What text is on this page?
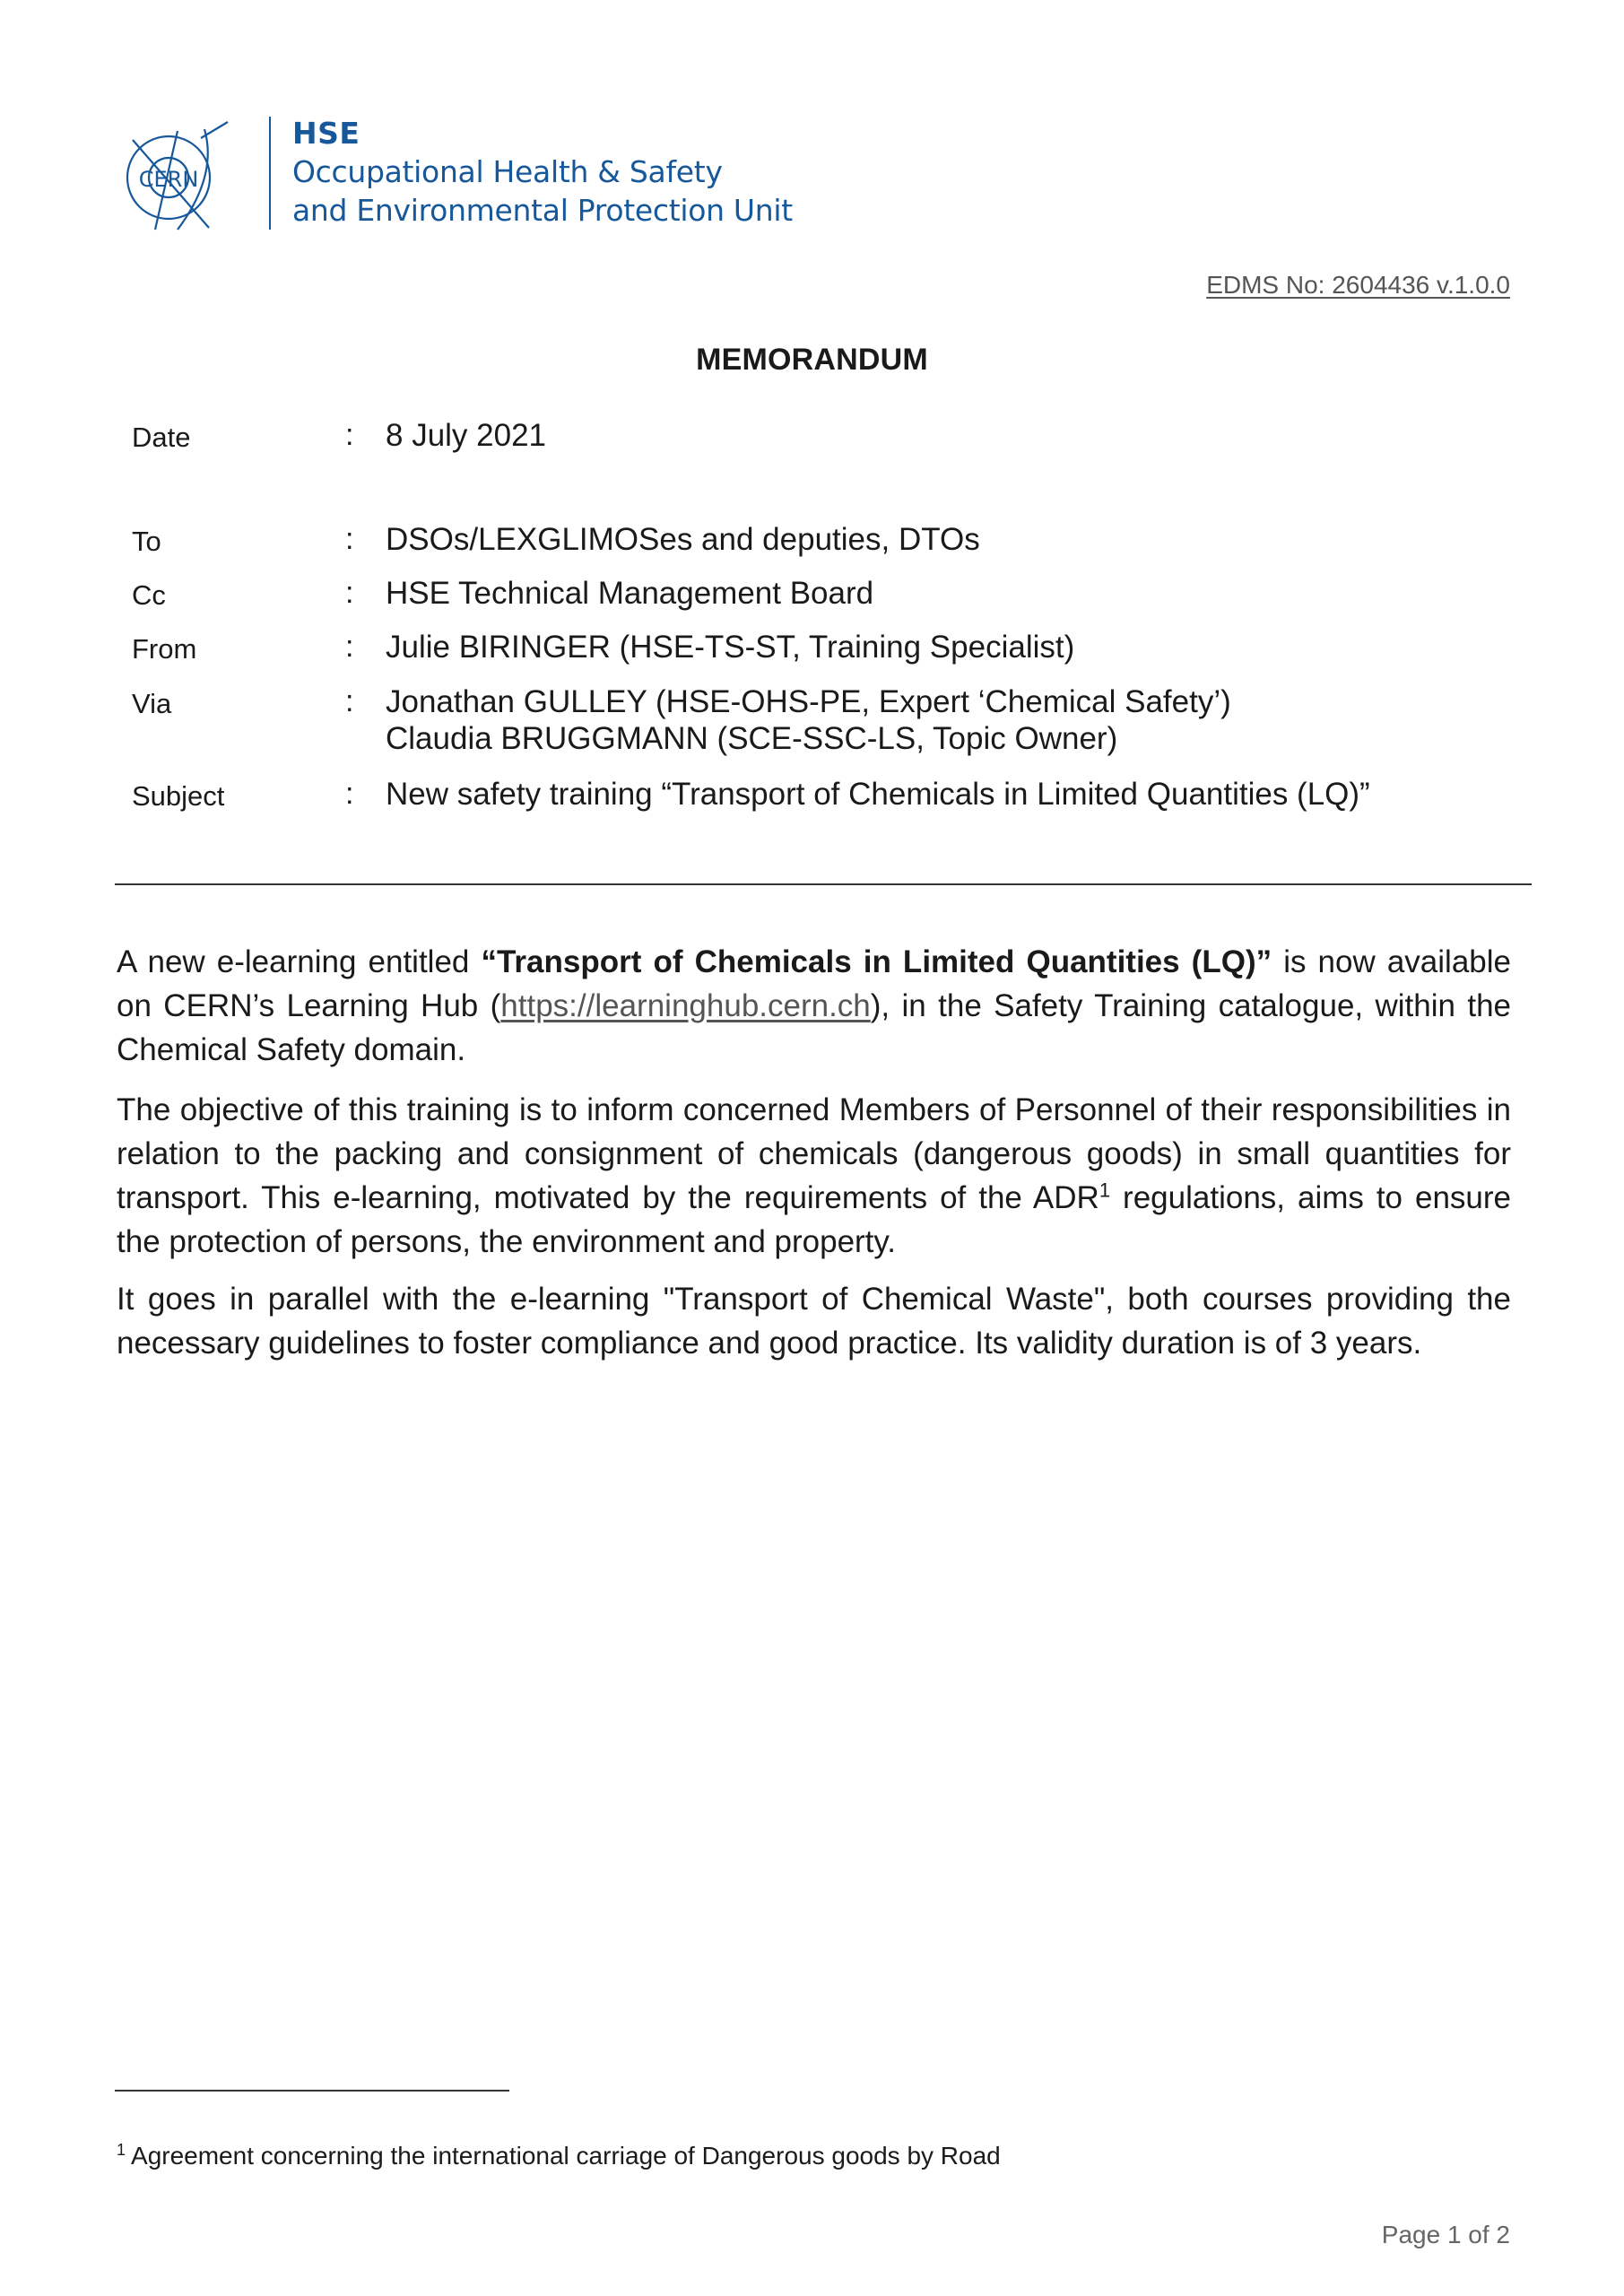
CERN
HSE
Occupational Health & Safety
and Environmental Protection Unit
EDMS No: 2604436 v.1.0.0
MEMORANDUM
Date	: 8 July 2021
To	: DSOs/LEXGLIMOSes and deputies, DTOs
Cc	: HSE Technical Management Board
From	: Julie BIRINGER (HSE-TS-ST, Training Specialist)
Via	: Jonathan GULLEY (HSE-OHS-PE, Expert ‘Chemical Safety’)
Claudia BRUGGMANN (SCE-SSC-LS, Topic Owner)
Subject	: New safety training “Transport of Chemicals in Limited Quantities (LQ)”

A new e-learning entitled “Transport of Chemicals in Limited Quantities (LQ)” is now available on CERN’s Learning Hub (https://learninghub.cern.ch), in the Safety Training catalogue, within the Chemical Safety domain.

The objective of this training is to inform concerned Members of Personnel of their responsibilities in relation to the packing and consignment of chemicals (dangerous goods) in small quantities for transport. This e-learning, motivated by the requirements of the ADR$^1$ regulations, aims to ensure the protection of persons, the environment and property.

It goes in parallel with the e-learning "Transport of Chemical Waste", both courses providing the necessary guidelines to foster compliance and good practice. Its validity duration is of 3 years.

$^1$ Agreement concerning the international carriage of Dangerous goods by Road
Page 1 of 2
